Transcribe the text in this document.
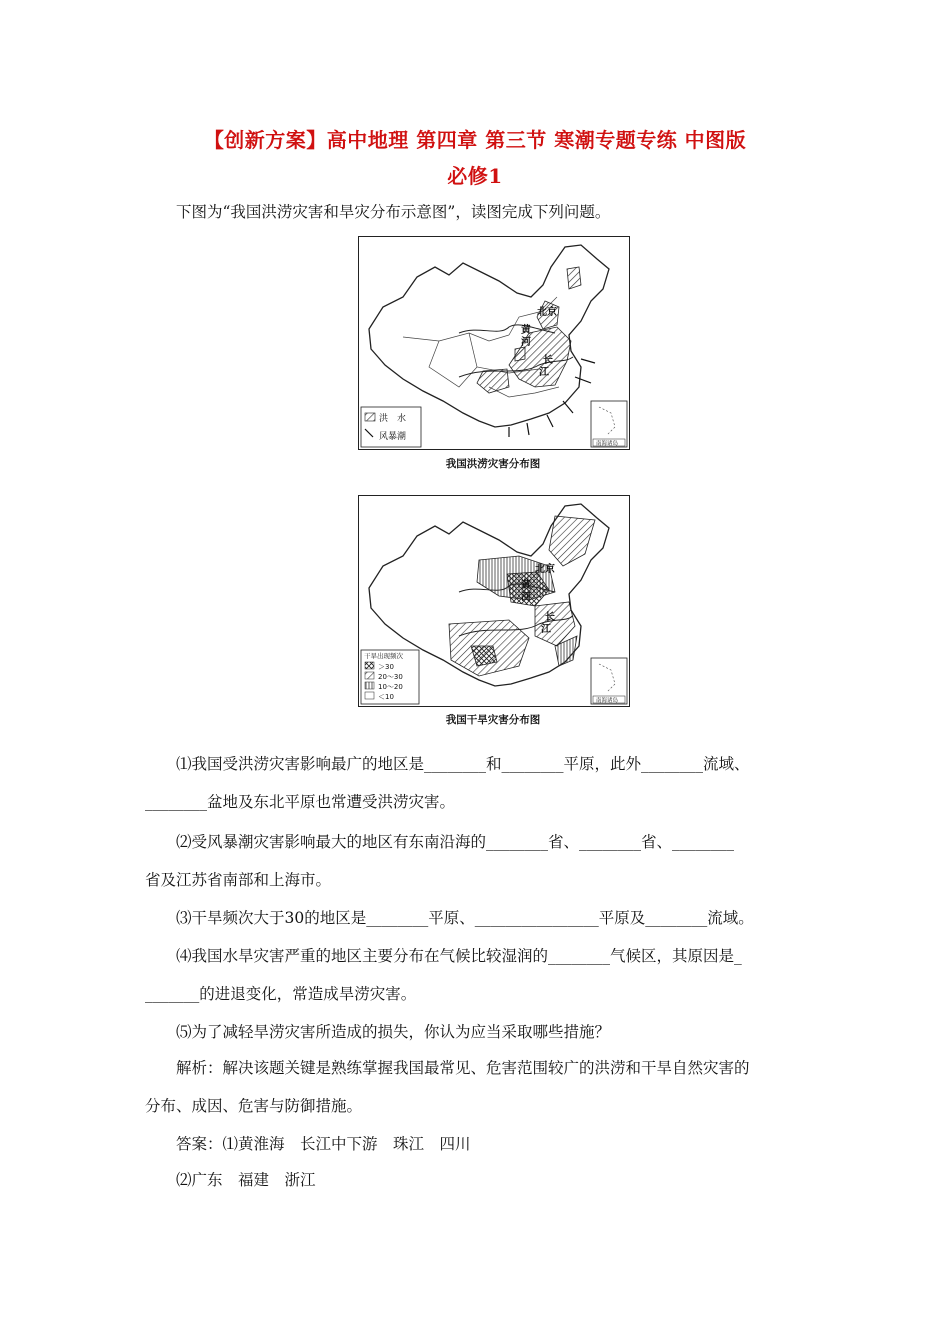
【创新方案】高中地理 第四章 第三节 寒潮专题专练 中图版
必修1
下图为“我国洪涝灾害和旱灾分布示意图”，读图完成下列问题。
北京
黄
河
长
江
洪　水
风暴潮
南海诸岛
我国洪涝灾害分布图
北京
黄
河
长
江
干旱出现频次
＞30
20～30
10～20
＜10	南海诸岛
我国干旱灾害分布图
⑴我国受洪涝灾害影响最广的地区是________和________平原，此外________流域、
________盆地及东北平原也常遭受洪涝灾害。
⑵受风暴潮灾害影响最大的地区有东南沿海的________省、________省、________
省及江苏省南部和上海市。
⑶干旱频次大于30的地区是________平原、________________平原及________流域。
⑷我国水旱灾害严重的地区主要分布在气候比较湿润的________气候区，其原因是_
_______的进退变化，常造成旱涝灾害。
⑸为了减轻旱涝灾害所造成的损失，你认为应当采取哪些措施？
解析：解决该题关键是熟练掌握我国最常见、危害范围较广的洪涝和干旱自然灾害的
分布、成因、危害与防御措施。
答案：⑴黄淮海　长江中下游　珠江　四川
⑵广东　福建　浙江
